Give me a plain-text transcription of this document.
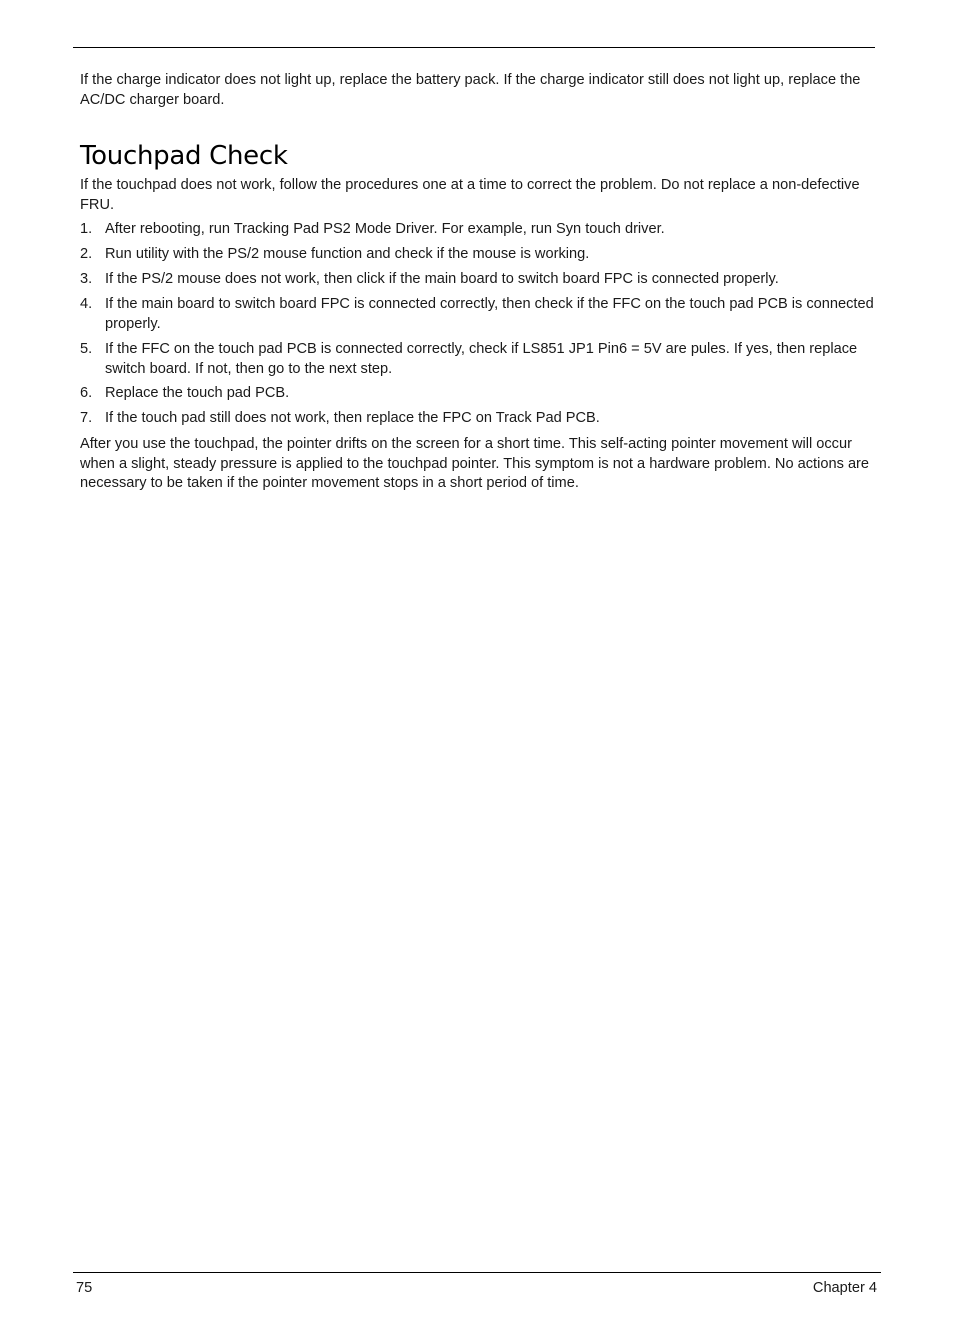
If the charge indicator does not light up, replace the battery pack. If the charge indicator still does not light up, replace the AC/DC charger board.

Touchpad Check

If the touchpad does not work, follow the procedures one at a time to correct the problem. Do not replace a non-defective FRU.

1. After rebooting, run Tracking Pad PS2 Mode Driver. For example, run Syn touch driver.
2. Run utility with the PS/2 mouse function and check if the mouse is working.
3. If the PS/2 mouse does not work, then click if the main board to switch board FPC is connected properly.
4. If the main board to switch board FPC is connected correctly, then check if the FFC on the touch pad PCB is connected properly.
5. If the FFC on the touch pad PCB is connected correctly, check if LS851 JP1 Pin6 = 5V are pules. If yes, then replace switch board. If not, then go to the next step.
6. Replace the touch pad PCB.
7. If the touch pad still does not work, then replace the FPC on Track Pad PCB.

After you use the touchpad, the pointer drifts on the screen for a short time. This self-acting pointer movement will occur when a slight, steady pressure is applied to the touchpad pointer. This symptom is not a hardware problem. No actions are necessary to be taken if the pointer movement stops in a short period of time.

75	Chapter 4
